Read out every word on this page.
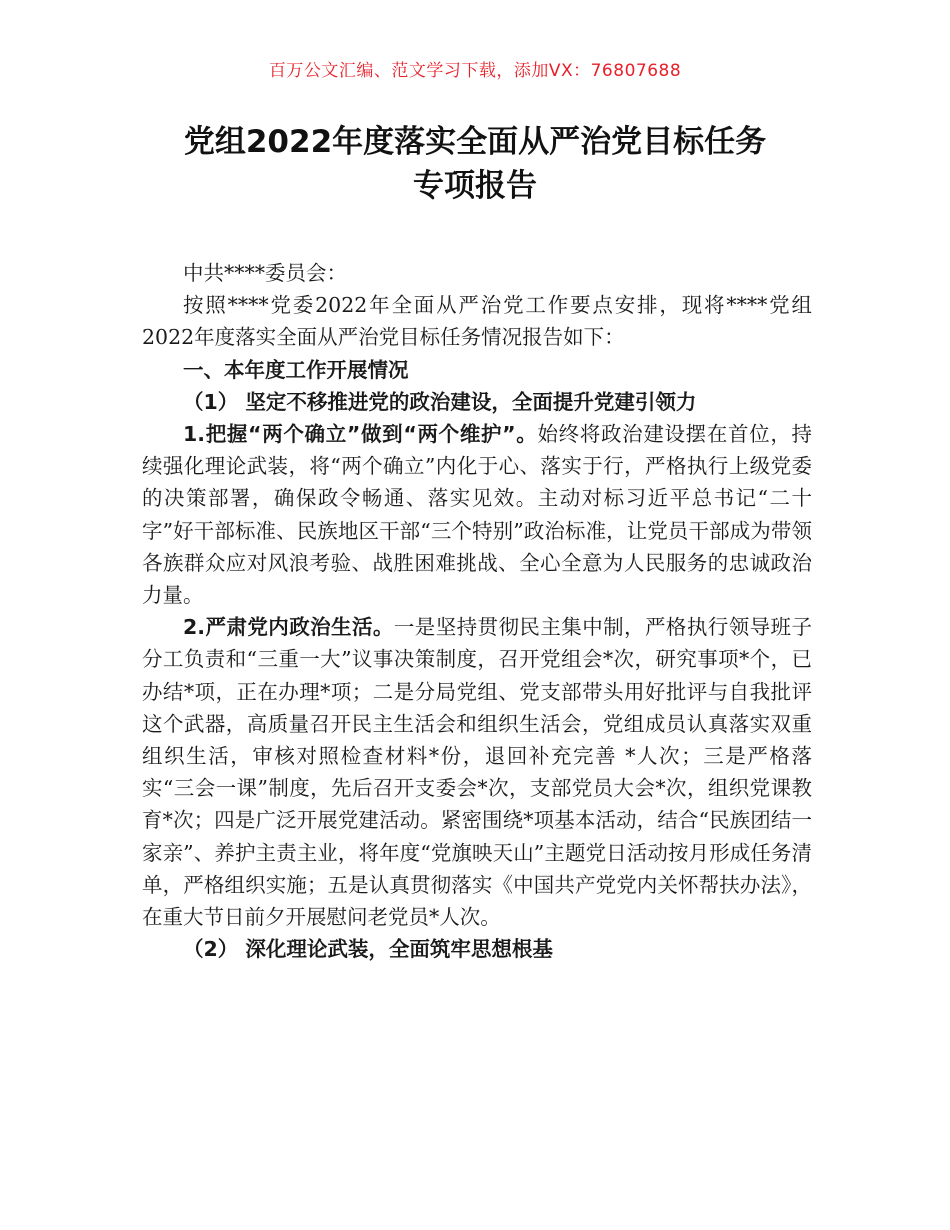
百万公文汇编、范文学习下载，添加VX：76807688
党组2022年度落实全面从严治党目标任务
专项报告

中共****委员会：

按照****党委2022年全面从严治党工作要点安排，现将****党组2022年度落实全面从严治党目标任务情况报告如下：

一、本年度工作开展情况

（1） 坚定不移推进党的政治建设，全面提升党建引领力

1.把握“两个确立”做到“两个维护”。始终将政治建设摆在首位，持续强化理论武装，将“两个确立”内化于心、落实于行，严格执行上级党委的决策部署，确保政令畅通、落实见效。主动对标习近平总书记“二十字”好干部标准、民族地区干部“三个特别”政治标准，让党员干部成为带领各族群众应对风浪考验、战胜困难挑战、全心全意为人民服务的忠诚政治力量。

2.严肃党内政治生活。一是坚持贯彻民主集中制，严格执行领导班子分工负责和“三重一大”议事决策制度，召开党组会*次，研究事项*个，已办结*项，正在办理*项；二是分局党组、党支部带头用好批评与自我批评这个武器，高质量召开民主生活会和组织生活会，党组成员认真落实双重组织生活，审核对照检查材料*份，退回补充完善 *人次；三是严格落实“三会一课”制度，先后召开支委会*次，支部党员大会*次，组织党课教育*次；四是广泛开展党建活动。紧密围绕*项基本活动，结合“民族团结一家亲”、养护主责主业，将年度“党旗映天山”主题党日活动按月形成任务清单，严格组织实施；五是认真贯彻落实《中国共产党党内关怀帮扶办法》，在重大节日前夕开展慰问老党员*人次。

（2） 深化理论武装，全面筑牢思想根基
